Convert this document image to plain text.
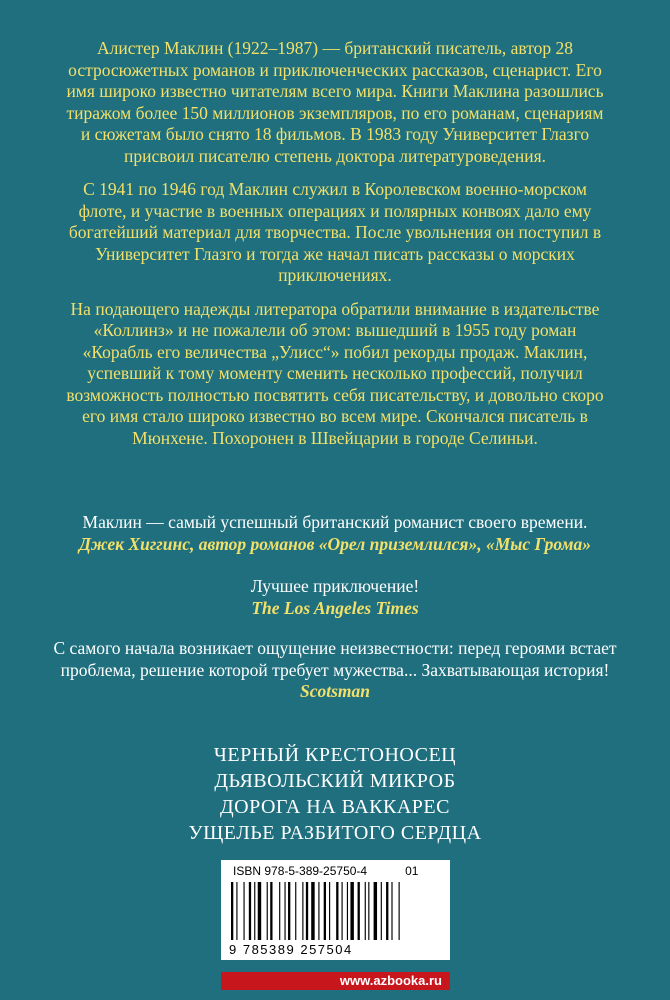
Алистер Маклин (1922–1987) — британский писатель, автор 28 остросюжетных романов и приключенческих рассказов, сценарист. Его имя широко известно читателям всего мира. Книги Маклина разошлись тиражом более 150 миллионов экземпляров, по его романам, сценариям и сюжетам было снято 18 фильмов. В 1983 году Университет Глазго присвоил писателю степень доктора литературоведения.

С 1941 по 1946 год Маклин служил в Королевском военно-морском флоте, и участие в военных операциях и полярных конвоях дало ему богатейший материал для творчества. После увольнения он поступил в Университет Глазго и тогда же начал писать рассказы о морских приключениях.

На подающего надежды литератора обратили внимание в издательстве «Коллинз» и не пожалели об этом: вышедший в 1955 году роман «Корабль его величества „Улисс“» побил рекорды продаж. Маклин, успевший к тому моменту сменить несколько профессий, получил возможность полностью посвятить себя писательству, и довольно скоро его имя стало широко известно во всем мире. Скончался писатель в Мюнхене. Похоронен в Швейцарии в городе Селиньи.

Маклин — самый успешный британский романист своего времени.
Джек Хиггинс, автор романов «Орел приземлился», «Мыс Грома»
Лучшее приключение!
The Los Angeles Times
С самого начала возникает ощущение неизвестности: перед героями встает проблема, решение которой требует мужества... Захватывающая история!
Scotsman
ЧЕРНЫЙ КРЕСТОНОСЕЦ
ДЬЯВОЛЬСКИЙ МИКРОБ
ДОРОГА НА ВАККАРЕС
УЩЕЛЬЕ РАЗБИТОГО СЕРДЦА
ISBN 978-5-389-25750-4	01
9 785389 257504
www.azbooka.ru
